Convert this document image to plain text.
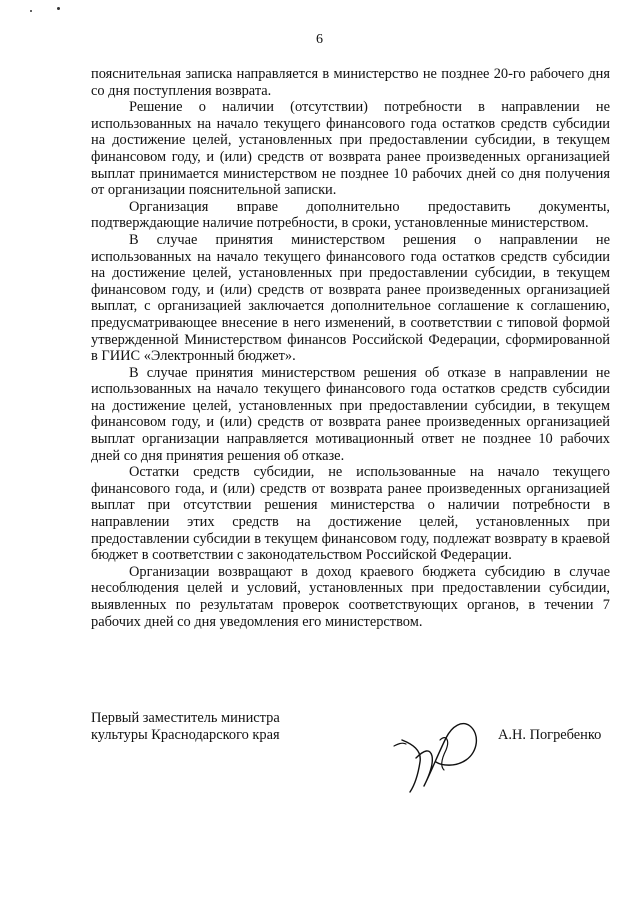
6

пояснительная записка направляется в министерство не позднее 20-го рабочего дня со дня поступления возврата.

Решение о наличии (отсутствии) потребности в направлении не использованных на начало текущего финансового года остатков средств субсидии на достижение целей, установленных при предоставлении субсидии, в текущем финансовом году, и (или) средств от возврата ранее произведенных организацией выплат принимается министерством не позднее 10 рабочих дней со дня получения от организации пояснительной записки.

Организация вправе дополнительно предоставить документы, подтверждающие наличие потребности, в сроки, установленные министерством.

В случае принятия министерством решения о направлении не использованных на начало текущего финансового года остатков средств субсидии на достижение целей, установленных при предоставлении субсидии, в текущем финансовом году, и (или) средств от возврата ранее произведенных организацией выплат, с организацией заключается дополнительное соглашение к соглашению, предусматривающее внесение в него изменений, в соответствии с типовой формой утвержденной Министерством финансов Российской Федерации, сформированной в ГИИС «Электронный бюджет».

В случае принятия министерством решения об отказе в направлении не использованных на начало текущего финансового года остатков средств субсидии на достижение целей, установленных при предоставлении субсидии, в текущем финансовом году, и (или) средств от возврата ранее произведенных организацией выплат организации направляется мотивационный ответ не позднее 10 рабочих дней со дня принятия решения об отказе.

Остатки средств субсидии, не использованные на начало текущего финансового года, и (или) средств от возврата ранее произведенных организацией выплат при отсутствии решения министерства о наличии потребности в направлении этих средств на достижение целей, установленных при предоставлении субсидии в текущем финансовом году, подлежат возврату в краевой бюджет в соответствии с законодательством Российской Федерации.

Организации возвращают в доход краевого бюджета субсидию в случае несоблюдения целей и условий, установленных при предоставлении субсидии, выявленных по результатам проверок соответствующих органов, в течении 7 рабочих дней со дня уведомления его министерством.

Первый заместитель министра
культуры Краснодарского края	А.Н. Погребенко
